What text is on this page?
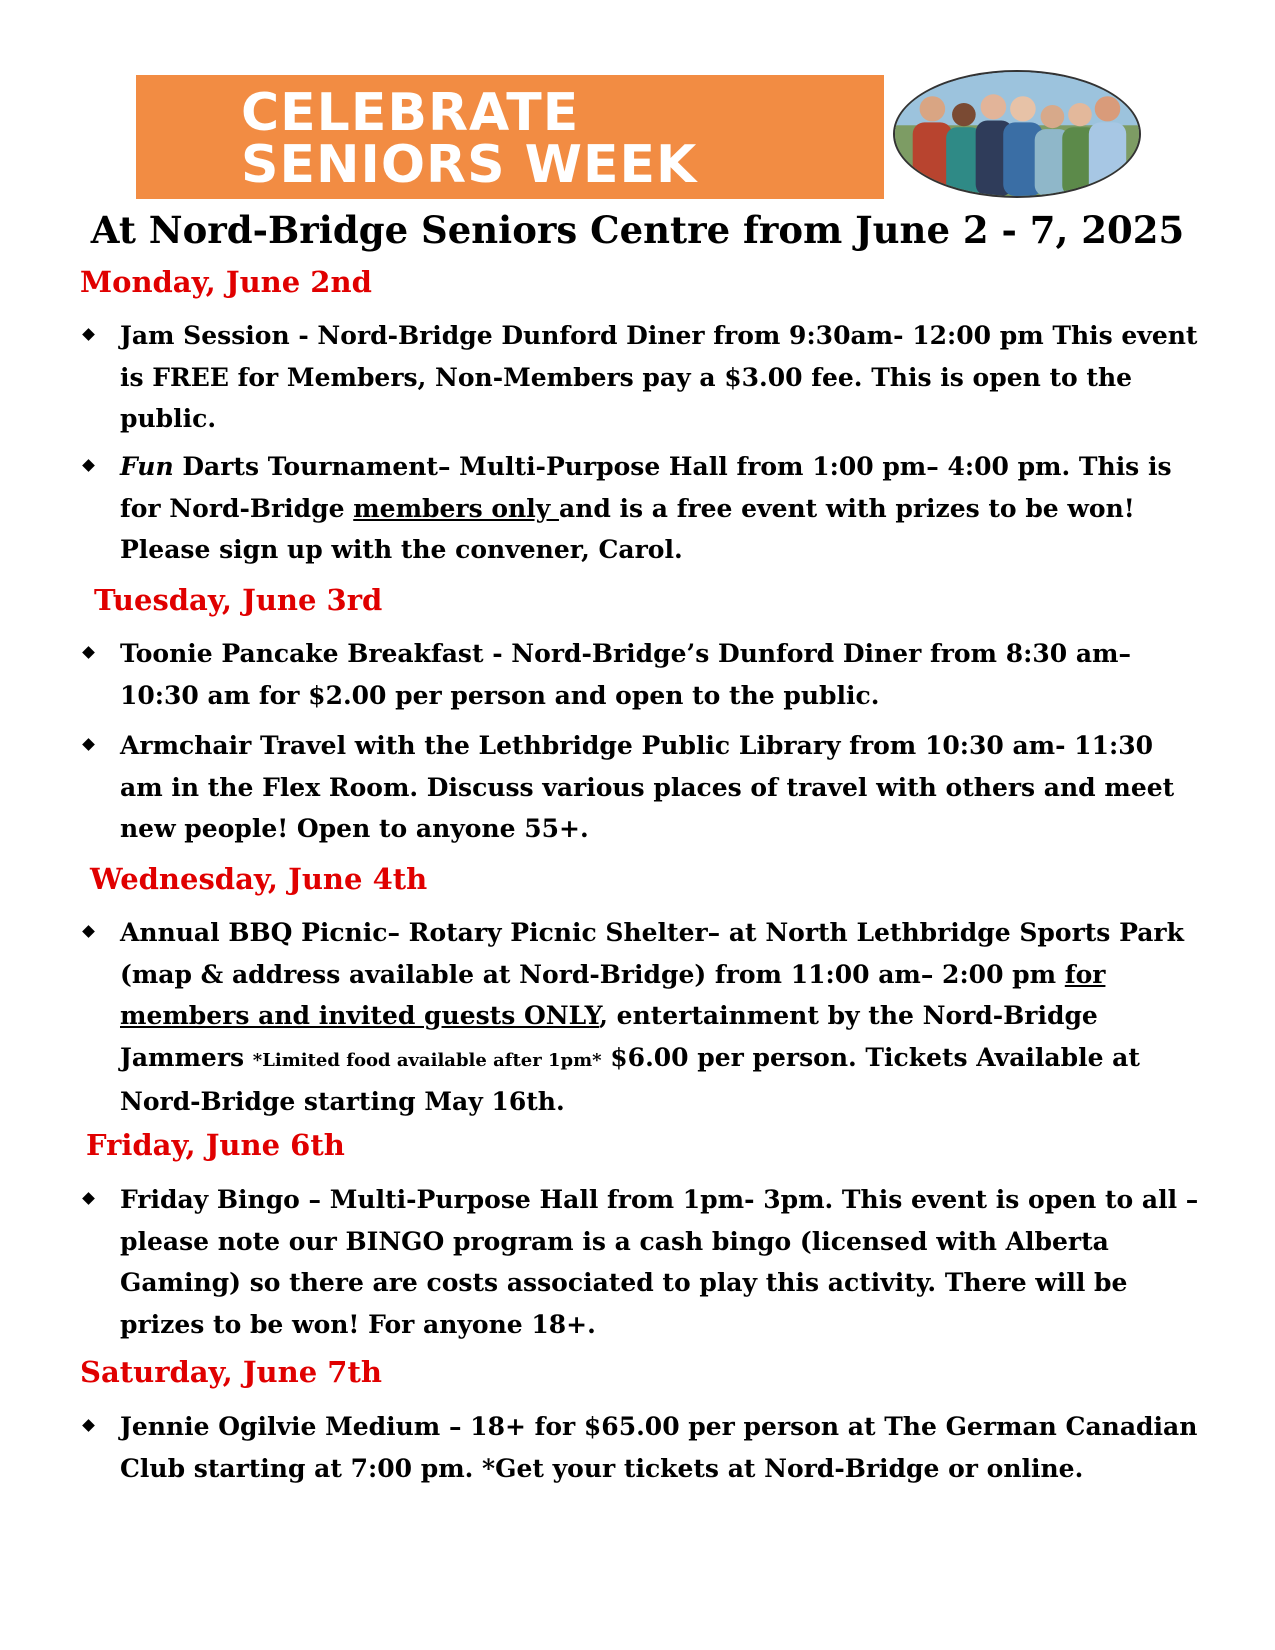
CELEBRATE
SENIORS WEEK
At Nord-Bridge Seniors Centre from June 2 - 7, 2025
Monday, June 2nd
Jam Session - Nord-Bridge Dunford Diner from 9:30am- 12:00 pm This event is FREE for Members, Non-Members pay a $3.00 fee. This is open to the public.
Fun Darts Tournament– Multi-Purpose Hall from 1:00 pm– 4:00 pm. This is for Nord-Bridge members only and is a free event with prizes to be won! Please sign up with the convener, Carol.
Tuesday, June 3rd
Toonie Pancake Breakfast - Nord-Bridge’s Dunford Diner from 8:30 am– 10:30 am for $2.00 per person and open to the public.
Armchair Travel with the Lethbridge Public Library from 10:30 am- 11:30 am in the Flex Room. Discuss various places of travel with others and meet new people! Open to anyone 55+.
Wednesday, June 4th
Annual BBQ Picnic– Rotary Picnic Shelter– at North Lethbridge Sports Park (map & address available at Nord-Bridge) from 11:00 am– 2:00 pm for members and invited guests ONLY, entertainment by the Nord-Bridge Jammers *Limited food available after 1pm* $6.00 per person. Tickets Available at Nord-Bridge starting May 16th.
Friday, June 6th
Friday Bingo – Multi-Purpose Hall from 1pm- 3pm. This event is open to all – please note our BINGO program is a cash bingo (licensed with Alberta Gaming) so there are costs associated to play this activity. There will be prizes to be won! For anyone 18+.
Saturday, June 7th
Jennie Ogilvie Medium – 18+ for $65.00 per person at The German Canadian Club starting at 7:00 pm. *Get your tickets at Nord-Bridge or online.
